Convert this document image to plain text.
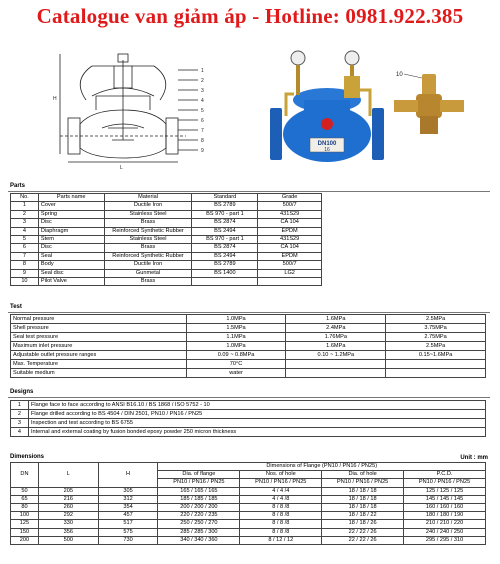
Catalogue van giảm áp - Hotline: 0981.922.385
H
L
1
2
3
4
5
6
7
8
9
DN100
16
10
Parts
No.	Parts name	Material	Standard	Grade
1	Cover	Ductile Iron	BS 2789	500/7
2	Spring	Stainless Steel	BS 970 - part 1	431S29
3	Disc	Brass	BS 2874	CA 104
4	Diaphragm	Reinforced Synthetic Rubber	BS 2494	EPDM
5	Stem	Stainless Steel	BS 970 - part 1	431S29
6	Disc	Brass	BS 2874	CA 104
7	Seal	Reinforced Synthetic Rubber	BS 2494	EPDM
8	Body	Ductile Iron	BS 2789	500/7
9	Seal disc	Gunmetal	BS 1400	LG2
10	Pilot Valve	Brass		
Test
Normal pressure	1.0MPa	1.6MPa	2.5MPa
Shell pressure	1.5MPa	2.4MPa	3.75MPa
Seal test pressure	1.1MPa	1.76MPa	2.75MPa
Maximum inlet pressure	1.0MPa	1.6MPa	2.5MPa
Adjustable outlet pressure ranges	0.09 ~ 0.8MPa	0.10 ~ 1.2MPa	0.15~1.6MPa
Max. Temperature	70°C		
Suitable medium	water		
Designs
1	Flange face to face according to ANSI B16.10 / BS 1868 / ISO 5752 - 10
2	Flange drilled according to BS 4504 / DIN 2501, PN10 / PN16 / PN25
3	Inspection and test according to BS 6755
4	Internal and external coating by fusion bonded epoxy powder 250 micron thickness
Dimensions	Unit : mm
DN	L	H	Dimensions of Flange (PN10 / PN16 / PN25)			
			Dia. of flange	Nos. of hole	Dia. of hole	P.C.D.
			PN10 / PN16 / PN25	PN10 / PN16 / PN25	PN10 / PN16 / PN25	PN10 / PN16 / PN25
50	205	305	165 / 165 / 165	4 / 4 /4	18 / 18 / 18	125 / 125 / 125
65	216	312	185 / 185 / 185	4 / 4 /8	18 / 18 / 18	145 / 145 / 145
80	260	354	200 / 200 / 200	8 / 8 /8	18 / 18 / 18	160 / 160 / 160
100	292	457	220 / 220 / 235	8 / 8 /8	18 / 18 / 22	180 / 180 / 190
125	330	517	250 / 250 / 270	8 / 8 /8	18 / 18 / 26	210 / 210 / 220
150	356	575	285 / 285 / 300	8 / 8 /8	22 / 22 / 26	240 / 240 / 250
200	500	730	340 / 340 / 360	8 / 12 / 12	22 / 22 / 26	295 / 295 / 310
